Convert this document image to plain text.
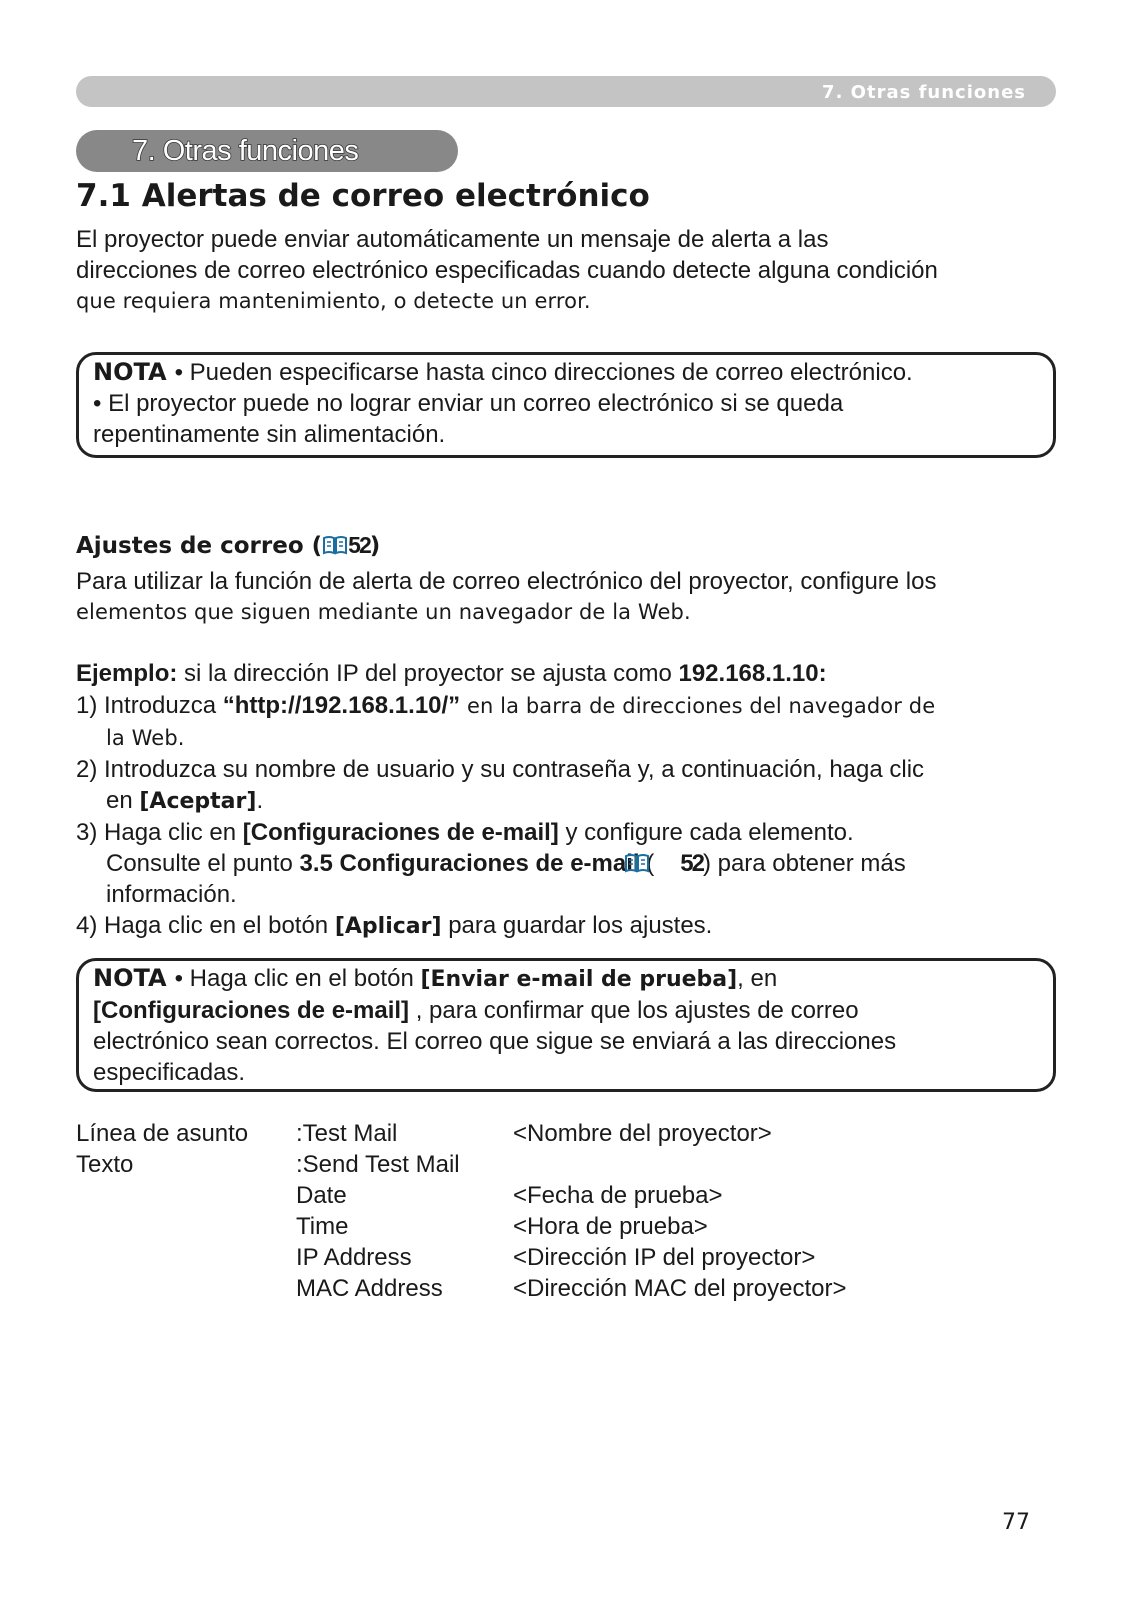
7. Otras funciones
7. Otras funciones
7.1 Alertas de correo electrónico
El proyector puede enviar automáticamente un mensaje de alerta a las
direcciones de correo electrónico especificadas cuando detecte alguna condición
que requiera mantenimiento, o detecte un error.
NOTA • Pueden especificarse hasta cinco direcciones de correo electrónico.
• El proyector puede no lograr enviar un correo electrónico si se queda
repentinamente sin alimentación.
Ajustes de correo ( 52)
Para utilizar la función de alerta de correo electrónico del proyector, configure los
elementos que siguen mediante un navegador de la Web.
Ejemplo: si la dirección IP del proyector se ajusta como 192.168.1.10:
1) Introduzca “http://192.168.1.10/” en la barra de direcciones del navegador de
la Web.
2) Introduzca su nombre de usuario y su contraseña y, a continuación, haga clic
en [Aceptar].
3) Haga clic en [Configuraciones de e-mail] y configure cada elemento.
Consulte el punto 3.5 Configuraciones de e-mail ( 52) para obtener más
información.
4) Haga clic en el botón [Aplicar] para guardar los ajustes.
NOTA • Haga clic en el botón [Enviar e-mail de prueba], en
[Configuraciones de e-mail] , para confirmar que los ajustes de correo
electrónico sean correctos. El correo que sigue se enviará a las direcciones
especificadas.
Línea de asunto	:Test Mail	<Nombre del proyector>
Texto	:Send Test Mail	
	Date	<Fecha de prueba>
	Time	<Hora de prueba>
	IP Address	<Dirección IP del proyector>
	MAC Address	<Dirección MAC del proyector>
77
